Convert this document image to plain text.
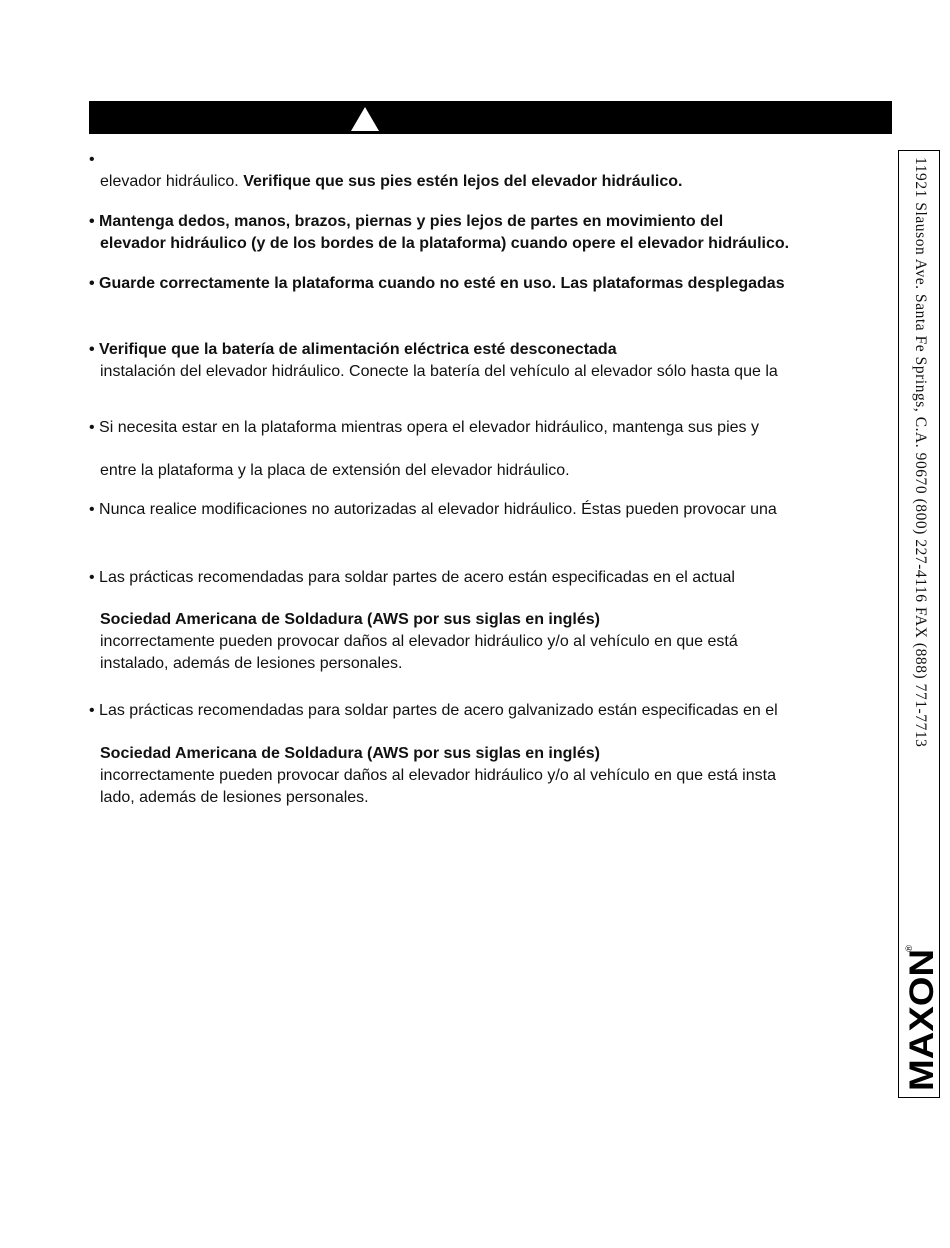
•
elevador hidráulico. Verifique que sus pies estén lejos del elevador hidráulico.
• Mantenga dedos, manos, brazos, piernas y pies lejos de partes en movimiento del
elevador hidráulico (y de los bordes de la plataforma) cuando opere el elevador hidráulico.
• Guarde correctamente la plataforma cuando no esté en uso. Las plataformas desplegadas
• Verifique que la batería de alimentación eléctrica esté desconectada
instalación del elevador hidráulico. Conecte la batería del vehículo al elevador sólo hasta que la
• Si necesita estar en la plataforma mientras opera el elevador hidráulico, mantenga sus pies y
entre la plataforma y la placa de extensión del elevador hidráulico.
• Nunca realice modificaciones no autorizadas al elevador hidráulico. Éstas pueden provocar una
• Las prácticas recomendadas para soldar partes de acero están especificadas en el actual
Sociedad Americana de Soldadura (AWS por sus siglas en inglés)
incorrectamente pueden provocar daños al elevador hidráulico y/o al vehículo en que está
instalado, además de lesiones personales.
• Las prácticas recomendadas para soldar partes de acero galvanizado están especificadas en el
Sociedad Americana de Soldadura (AWS por sus siglas en inglés)
incorrectamente pueden provocar daños al elevador hidráulico y/o al vehículo en que está insta
lado, además de lesiones personales.
11921 Slauson Ave. Santa Fe Springs, C.A. 90670 (800) 227-4116 FAX (888) 771-7713
MAXON
®
